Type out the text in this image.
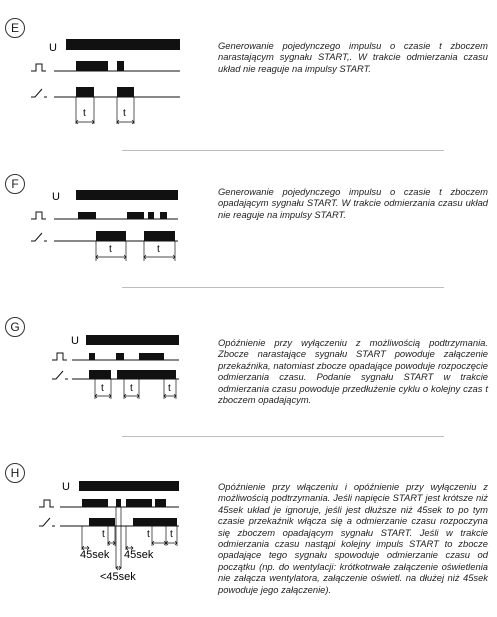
E
U
t	t
Generowanie pojedynczego impulsu o czasie t zboczem narastającym sygnału START,. W trakcie odmierzania czasu układ nie reaguje na impulsy START.
F
U
t	t
Generowanie pojedynczego impulsu o czasie t zboczem opadającym sygnału START. W trakcie odmierzania czasu układ nie reaguje na impulsy START.
G
U
t	t	t
Opóźnienie przy wyłączeniu z możliwością podtrzymania. Zbocze narastające sygnału START powoduje załączenie przekaźnika, natomiast zbocze opadające powoduje rozpoczęcie odmierzania czasu. Podanie sygnału START w trakcie odmierzania czasu powoduje przedłużenie cyklu o kolejny czas t zboczem opadającym.
H
U
t	t t
45sek 45sek
<45sek
Opóźnienie przy włączeniu i opóźnienie przy wyłączeniu z możliwością podtrzymania. Jeśli napięcie START jest krótsze niż 45sek układ je ignoruje, jeśli jest dłuższe niż 45sek to po tym czasie przekaźnik włącza się a odmierzanie czasu rozpoczyna się zboczem opadającym sygnału START. Jeśli w trakcie odmierzania czasu nastąpi kolejny impuls START to zbocze opadające tego sygnału spowoduje odmierzanie czasu od początku (np. do wentylacji: krótkotrwałe załączenie oświetlenia nie załącza wentylatora, załączenie oświetl. na dłużej niż 45sek powoduje jego załączenie).
